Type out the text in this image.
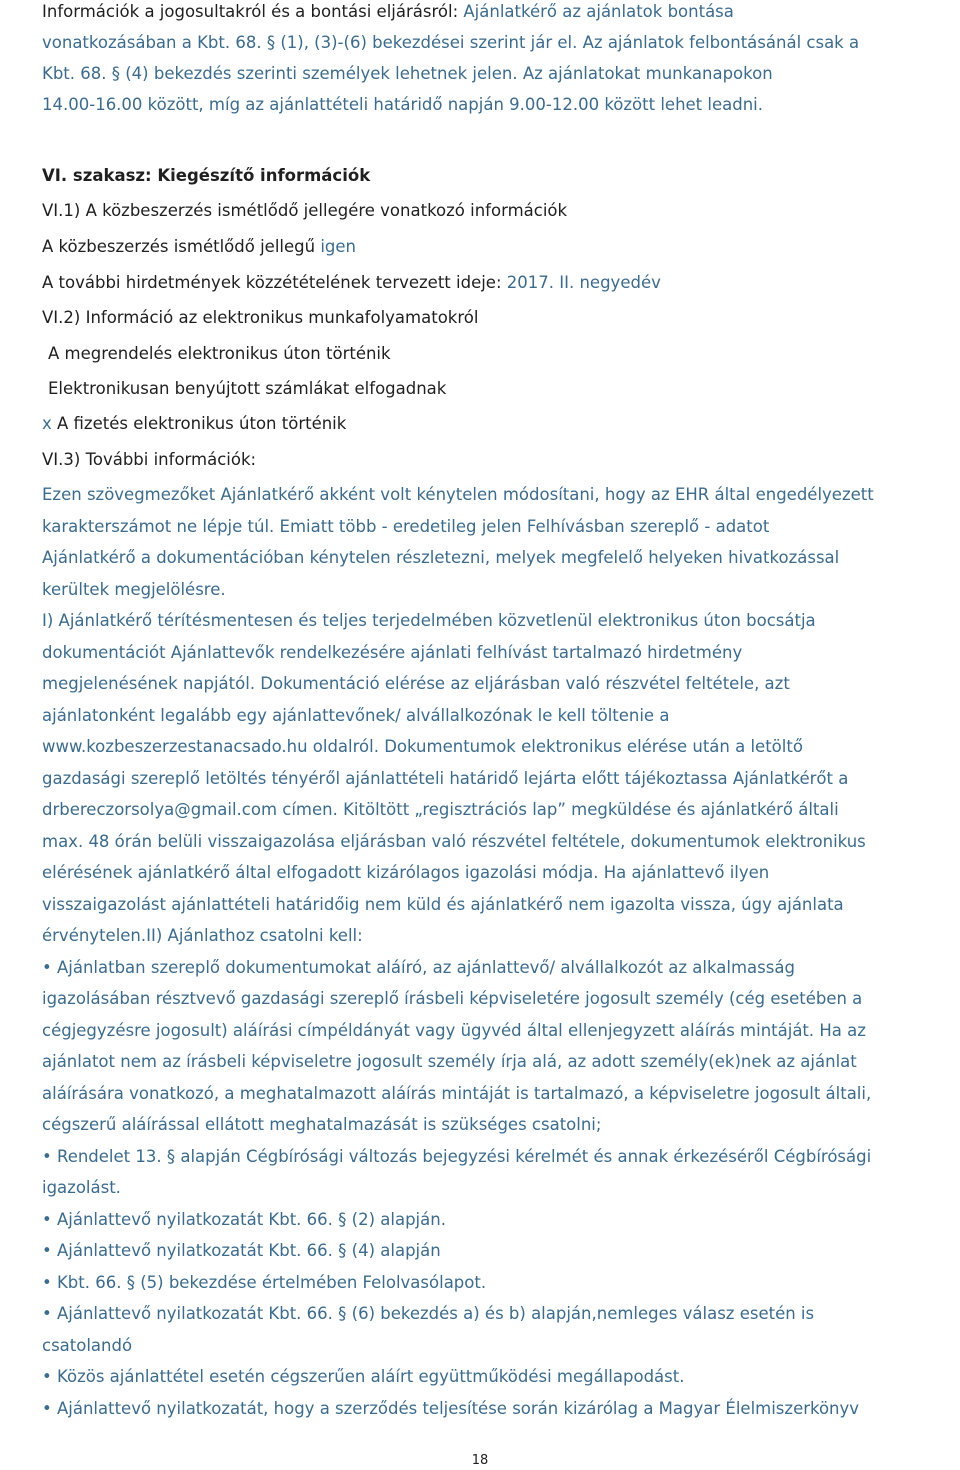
Információk a jogosultakról és a bontási eljárásról: Ajánlatkérő az ajánlatok bontása
vonatkozásában a Kbt. 68. § (1), (3)-(6) bekezdései szerint jár el. Az ajánlatok felbontásánál csak a
Kbt. 68. § (4) bekezdés szerinti személyek lehetnek jelen. Az ajánlatokat munkanapokon
14.00-16.00 között, míg az ajánlattételi határidő napján 9.00-12.00 között lehet leadni.
VI. szakasz: Kiegészítő információk
VI.1) A közbeszerzés ismétlődő jellegére vonatkozó információk
A közbeszerzés ismétlődő jellegű igen
A további hirdetmények közzétételének tervezett ideje: 2017. II. negyedév
VI.2) Információ az elektronikus munkafolyamatokról
A megrendelés elektronikus úton történik
Elektronikusan benyújtott számlákat elfogadnak
x A fizetés elektronikus úton történik
VI.3) További információk:
Ezen szövegmezőket Ajánlatkérő akként volt kénytelen módosítani, hogy az EHR által engedélyezett
karakterszámot ne lépje túl. Emiatt több - eredetileg jelen Felhívásban szereplő - adatot
Ajánlatkérő a dokumentációban kénytelen részletezni, melyek megfelelő helyeken hivatkozással
kerültek megjelölésre.
I) Ajánlatkérő térítésmentesen és teljes terjedelmében közvetlenül elektronikus úton bocsátja
dokumentációt Ajánlattevők rendelkezésére ajánlati felhívást tartalmazó hirdetmény
megjelenésének napjától. Dokumentáció elérése az eljárásban való részvétel feltétele, azt
ajánlatonként legalább egy ajánlattevőnek/ alvállalkozónak le kell töltenie a
www.kozbeszerzestanacsado.hu oldalról. Dokumentumok elektronikus elérése után a letöltő
gazdasági szereplő letöltés tényéről ajánlattételi határidő lejárta előtt tájékoztassa Ajánlatkérőt a
drbereczorsolya@gmail.com címen. Kitöltött „regisztrációs lap” megküldése és ajánlatkérő általi
max. 48 órán belüli visszaigazolása eljárásban való részvétel feltétele, dokumentumok elektronikus
elérésének ajánlatkérő által elfogadott kizárólagos igazolási módja. Ha ajánlattevő ilyen
visszaigazolást ajánlattételi határidőig nem küld és ajánlatkérő nem igazolta vissza, úgy ajánlata
érvénytelen.II) Ajánlathoz csatolni kell:
• Ajánlatban szereplő dokumentumokat aláíró, az ajánlattevő/ alvállalkozót az alkalmasság
igazolásában résztvevő gazdasági szereplő írásbeli képviseletére jogosult személy (cég esetében a
cégjegyzésre jogosult) aláírási címpéldányát vagy ügyvéd által ellenjegyzett aláírás mintáját. Ha az
ajánlatot nem az írásbeli képviseletre jogosult személy írja alá, az adott személy(ek)nek az ajánlat
aláírására vonatkozó, a meghatalmazott aláírás mintáját is tartalmazó, a képviseletre jogosult általi,
cégszerű aláírással ellátott meghatalmazását is szükséges csatolni;
• Rendelet 13. § alapján Cégbírósági változás bejegyzési kérelmét és annak érkezéséről Cégbírósági
igazolást.
• Ajánlattevő nyilatkozatát Kbt. 66. § (2) alapján.
• Ajánlattevő nyilatkozatát Kbt. 66. § (4) alapján
• Kbt. 66. § (5) bekezdése értelmében Felolvasólapot.
• Ajánlattevő nyilatkozatát Kbt. 66. § (6) bekezdés a) és b) alapján,nemleges válasz esetén is
csatolandó
• Közös ajánlattétel esetén cégszerűen aláírt együttműködési megállapodást.
• Ajánlattevő nyilatkozatát, hogy a szerződés teljesítése során kizárólag a Magyar Élelmiszerkönyv
18
